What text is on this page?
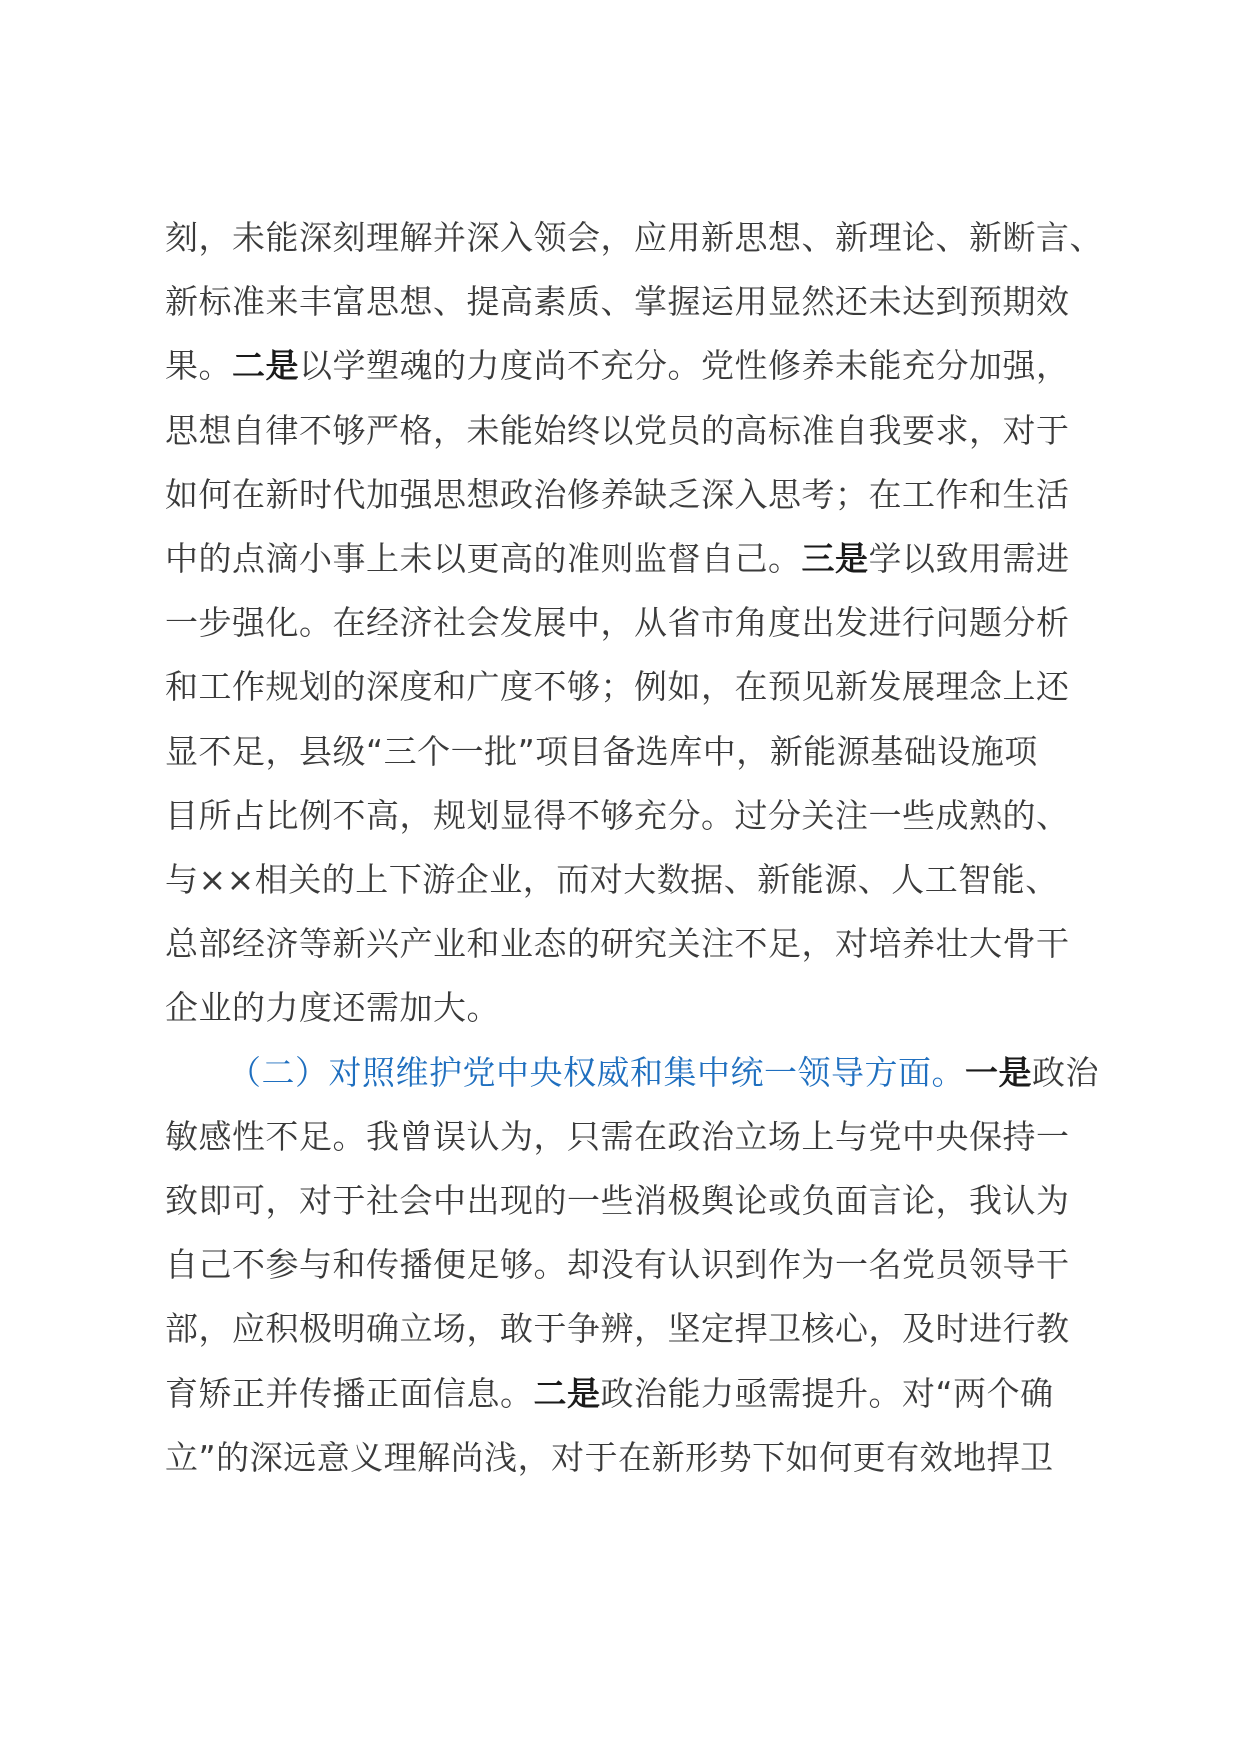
刻，未能深刻理解并深入领会，应用新思想、新理论、新断言、
新标准来丰富思想、提高素质、掌握运用显然还未达到预期效
果。二是以学塑魂的力度尚不充分。党性修养未能充分加强，
思想自律不够严格，未能始终以党员的高标准自我要求，对于
如何在新时代加强思想政治修养缺乏深入思考；在工作和生活
中的点滴小事上未以更高的准则监督自己。三是学以致用需进
一步强化。在经济社会发展中，从省市角度出发进行问题分析
和工作规划的深度和广度不够；例如，在预见新发展理念上还
显不足，县级“三个一批”项目备选库中，新能源基础设施项
目所占比例不高，规划显得不够充分。过分关注一些成熟的、
与××相关的上下游企业，而对大数据、新能源、人工智能、
总部经济等新兴产业和业态的研究关注不足，对培养壮大骨干
企业的力度还需加大。
（二）对照维护党中央权威和集中统一领导方面。一是政治
敏感性不足。我曾误认为，只需在政治立场上与党中央保持一
致即可，对于社会中出现的一些消极舆论或负面言论，我认为
自己不参与和传播便足够。却没有认识到作为一名党员领导干
部，应积极明确立场，敢于争辨，坚定捍卫核心，及时进行教
育矫正并传播正面信息。二是政治能力亟需提升。对“两个确
立”的深远意义理解尚浅，对于在新形势下如何更有效地捍卫
